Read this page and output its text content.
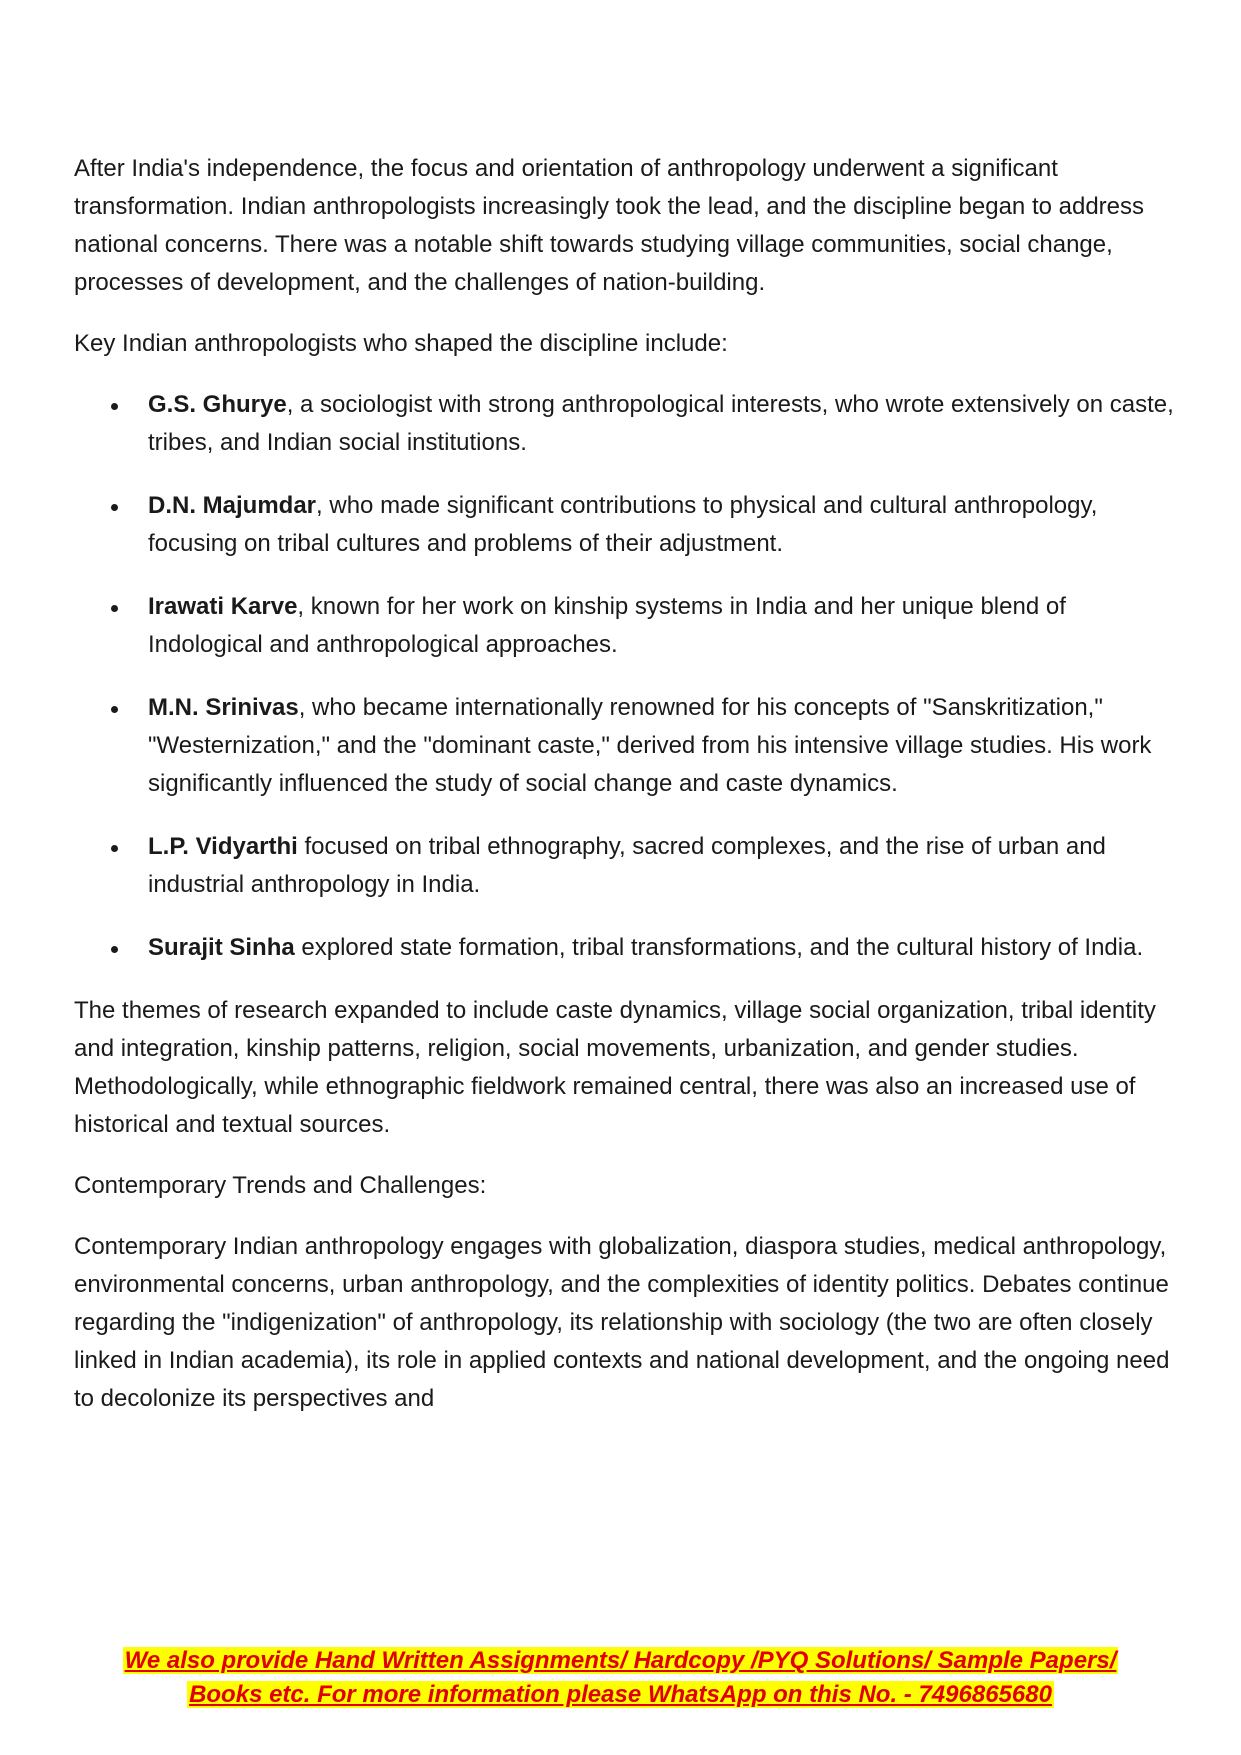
After India's independence, the focus and orientation of anthropology underwent a significant transformation. Indian anthropologists increasingly took the lead, and the discipline began to address national concerns. There was a notable shift towards studying village communities, social change, processes of development, and the challenges of nation-building.

Key Indian anthropologists who shaped the discipline include:

G.S. Ghurye, a sociologist with strong anthropological interests, who wrote extensively on caste, tribes, and Indian social institutions.
D.N. Majumdar, who made significant contributions to physical and cultural anthropology, focusing on tribal cultures and problems of their adjustment.
Irawati Karve, known for her work on kinship systems in India and her unique blend of Indological and anthropological approaches.
M.N. Srinivas, who became internationally renowned for his concepts of "Sanskritization," "Westernization," and the "dominant caste," derived from his intensive village studies. His work significantly influenced the study of social change and caste dynamics.
L.P. Vidyarthi focused on tribal ethnography, sacred complexes, and the rise of urban and industrial anthropology in India.
Surajit Sinha explored state formation, tribal transformations, and the cultural history of India.

The themes of research expanded to include caste dynamics, village social organization, tribal identity and integration, kinship patterns, religion, social movements, urbanization, and gender studies. Methodologically, while ethnographic fieldwork remained central, there was also an increased use of historical and textual sources.

Contemporary Trends and Challenges:

Contemporary Indian anthropology engages with globalization, diaspora studies, medical anthropology, environmental concerns, urban anthropology, and the complexities of identity politics. Debates continue regarding the "indigenization" of anthropology, its relationship with sociology (the two are often closely linked in Indian academia), its role in applied contexts and national development, and the ongoing need to decolonize its perspectives and

We also provide Hand Written Assignments/ Hardcopy /PYQ Solutions/ Sample Papers/
Books etc. For more information please WhatsApp on this No. - 7496865680
